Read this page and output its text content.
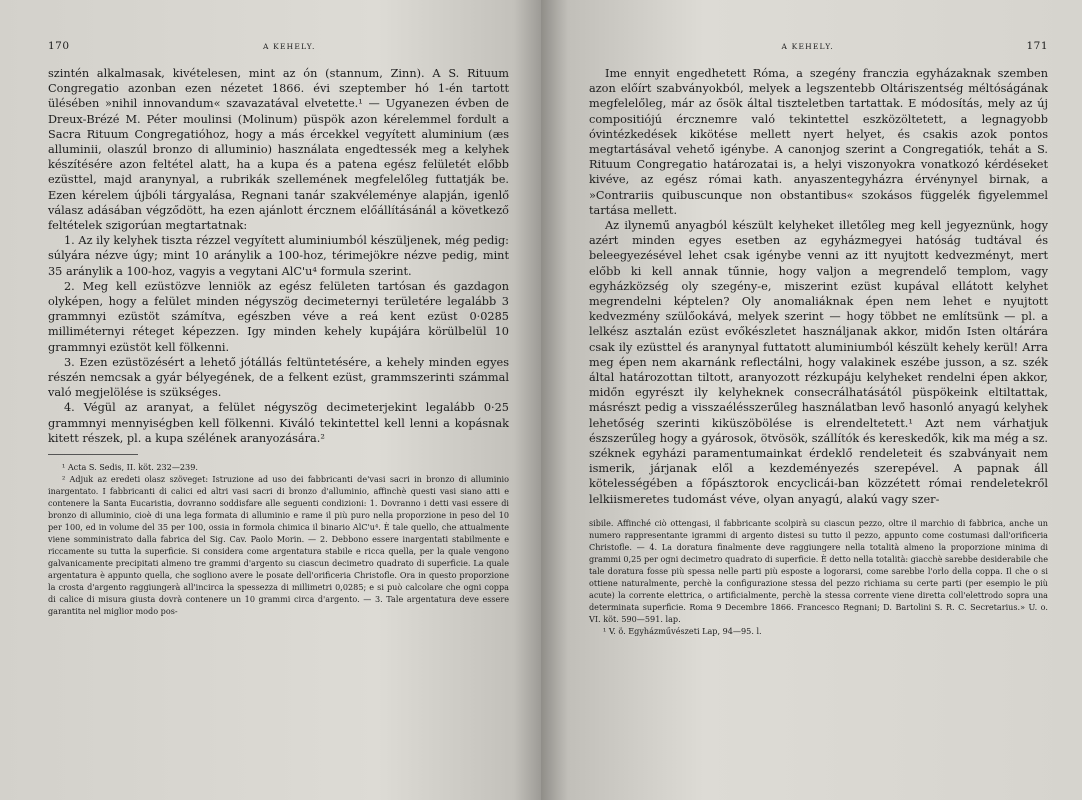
170	A KEHELY.

szintén alkalmasak, kivételesen, mint az ón (stannum, Zinn). A S. Rituum Congregatio azonban ezen nézetet 1866. évi szeptember hó 1-én tartott ülésében »nihil innovandum« szavazatával elvetette.¹ — Ugyanezen évben de Dreux-Brézé M. Péter moulinsi (Molinum) püspök azon kérelemmel fordult a Sacra Rituum Congregatióhoz, hogy a más ércekkel vegyített aluminium (æs alluminii, olaszúl bronzo di alluminio) használata engedtessék meg a kelyhek készítésére azon feltétel alatt, ha a kupa és a patena egész felületét előbb ezüsttel, majd aranynyal, a rubrikák szellemének megfelelőleg futtatják be. Ezen kérelem újbóli tárgyalása, Regnani tanár szakvéleménye alapján, igenlő válasz adásában végződött, ha ezen ajánlott ércznem előállításánál a következő feltételek szigorúan megtartatnak:

1. Az ily kelyhek tiszta rézzel vegyített aluminiumból készüljenek, még pedig: súlyára nézve úgy; mint 10 aránylik a 100-hoz, térimejökre nézve pedig, mint 35 aránylik a 100-hoz, vagyis a vegytani AlC'u⁴ formula szerint.

2. Meg kell ezüstözve lenniök az egész felületen tartósan és gazdagon olyképen, hogy a felület minden négyszög decimeternyi területére legalább 3 grammnyi ezüstöt számítva, egészben véve a reá kent ezüst 0·0285 milliméternyi réteget képezzen. Igy minden kehely kupájára körülbelül 10 grammnyi ezüstöt kell fölkenni.

3. Ezen ezüstözésért a lehető jótállás feltüntetésére, a kehely minden egyes részén nemcsak a gyár bélyegének, de a felkent ezüst, grammszerinti számmal való megjelölése is szükséges.

4. Végül az aranyat, a felület négyszög decimeterjekint legalább 0·25 grammnyi mennyiségben kell fölkenni. Kiváló tekintettel kell lenni a kopásnak kitett részek, pl. a kupa szélének aranyozására.²

¹ Acta S. Sedis, II. köt. 232—239.

² Adjuk az eredeti olasz szöveget: Istruzione ad uso dei fabbricanti de'vasi sacri in bronzo di alluminio inargentato. I fabbricanti di calici ed altri vasi sacri di bronzo d'alluminio, affinchè questi vasi siano atti e contenere la Santa Eucaristia, dovranno soddisfare alle seguenti condizioni: 1. Dovranno i detti vasi essere di bronzo di alluminio, cioè di una lega formata di alluminio e rame il più puro nella proporzione in peso del 10 per 100, ed in volume del 35 per 100, ossia in formola chimica il binario AlC'u⁴. È tale quello, che attualmente viene somministrato dalla fabrica del Sig. Cav. Paolo Morin. — 2. Debbono essere inargentati stabilmente e riccamente su tutta la superficie. Si considera come argentatura stabile e ricca quella, per la quale vengono galvanicamente precipitati almeno tre grammi d'argento su ciascun decimetro quadrato di superficie. La quale argentatura è appunto quella, che sogliono avere le posate dell'orificeria Christofle. Ora in questo proporzione la crosta d'argento raggiungerà all'incirca la spessezza di millimetri 0,0285; e si può calcolare che ogni coppa di calice di misura giusta dovrà contenere un 10 grammi circa d'argento. — 3. Tale argentatura deve essere garantita nel miglior modo pos-

A KEHELY.	171

Ime ennyit engedhetett Róma, a szegény franczia egyházaknak szemben azon előírt szabványokból, melyek a legszentebb Oltáriszentség méltóságának megfelelőleg, már az ősök által tiszteletben tartattak. E módosítás, mely az új compositiójú ércznemre való tekintettel eszközöltetett, a legnagyobb óvintézkedések kikötése mellett nyert helyet, és csakis azok pontos megtartásával vehető igénybe. A canonjog szerint a Congregatiók, tehát a S. Rituum Congregatio határozatai is, a helyi viszonyokra vonatkozó kérdéseket kivéve, az egész római kath. anyaszentegyházra érvénynyel birnak, a »Contrariis quibuscunque non obstantibus« szokásos függelék figyelemmel tartása mellett.

Az ilynemű anyagból készült kelyheket illetőleg meg kell jegyeznünk, hogy azért minden egyes esetben az egyházmegyei hatóság tudtával és beleegyezésével lehet csak igénybe venni az itt nyujtott kedvezményt, mert előbb ki kell annak tűnnie, hogy valjon a megrendelő templom, vagy egyházközség oly szegény-e, miszerint ezüst kupával ellátott kelyhet megrendelni képtelen? Oly anomaliáknak épen nem lehet e nyujtott kedvezmény szülőokává, melyek szerint — hogy többet ne említsünk — pl. a lelkész asztalán ezüst evőkészletet használjanak akkor, midőn Isten oltárára csak ily ezüsttel és aranynyal futtatott aluminiumból készült kehely kerül! Arra meg épen nem akarnánk reflectálni, hogy valakinek eszébe jusson, a sz. szék által határozottan tiltott, aranyozott rézkupáju kelyheket rendelni épen akkor, midőn egyrészt ily kelyheknek consecrálhatásától püspökeink eltiltattak, másrészt pedig a visszaélésszerűleg használatban levő hasonló anyagú kelyhek lehetőség szerinti kiküszöbölése is elrendeltetett.¹ Azt nem várhatjuk észszerűleg hogy a gyárosok, ötvösök, szállítók és kereskedők, kik ma még a sz. széknek egyházi paramentumainkat érdeklő rendeleteit és szabványait nem ismerik, járjanak elől a kezdeményezés szerepével. A papnak áll kötelességében a főpásztorok encyclicái-ban közzétett római rendeletekről lelkiismeretes tudomást véve, olyan anyagú, alakú vagy szer-

sibile. Affinché ciò ottengasi, il fabbricante scolpirà su ciascun pezzo, oltre il marchio di fabbrica, anche un numero rappresentante igrammi di argento distesi su tutto il pezzo, appunto come costumasi dall'orificeria Christofle. — 4. La doratura finalmente deve raggiungere nella totalità almeno la proporzione minima di grammi 0,25 per ogni decimetro quadrato di superficie. È detto nella totalità: giacchè sarebbe desiderabile che tale doratura fosse più spessa nelle parti più esposte a logorarsi, come sarebbe l'orlo della coppa. Il che o si ottiene naturalmente, perchè la configurazione stessa del pezzo richiama su certe parti (per esempio le più acute) la corrente elettrica, o artificialmente, perchè la stessa corrente viene diretta coll'elettrodo sopra una determinata superficie. Roma 9 Decembre 1866. Francesco Regnani; D. Bartolini S. R. C. Secretarius.» U. o. VI. köt. 590—591. lap.

¹ V. ö. Egyházművészeti Lap, 94—95. l.
